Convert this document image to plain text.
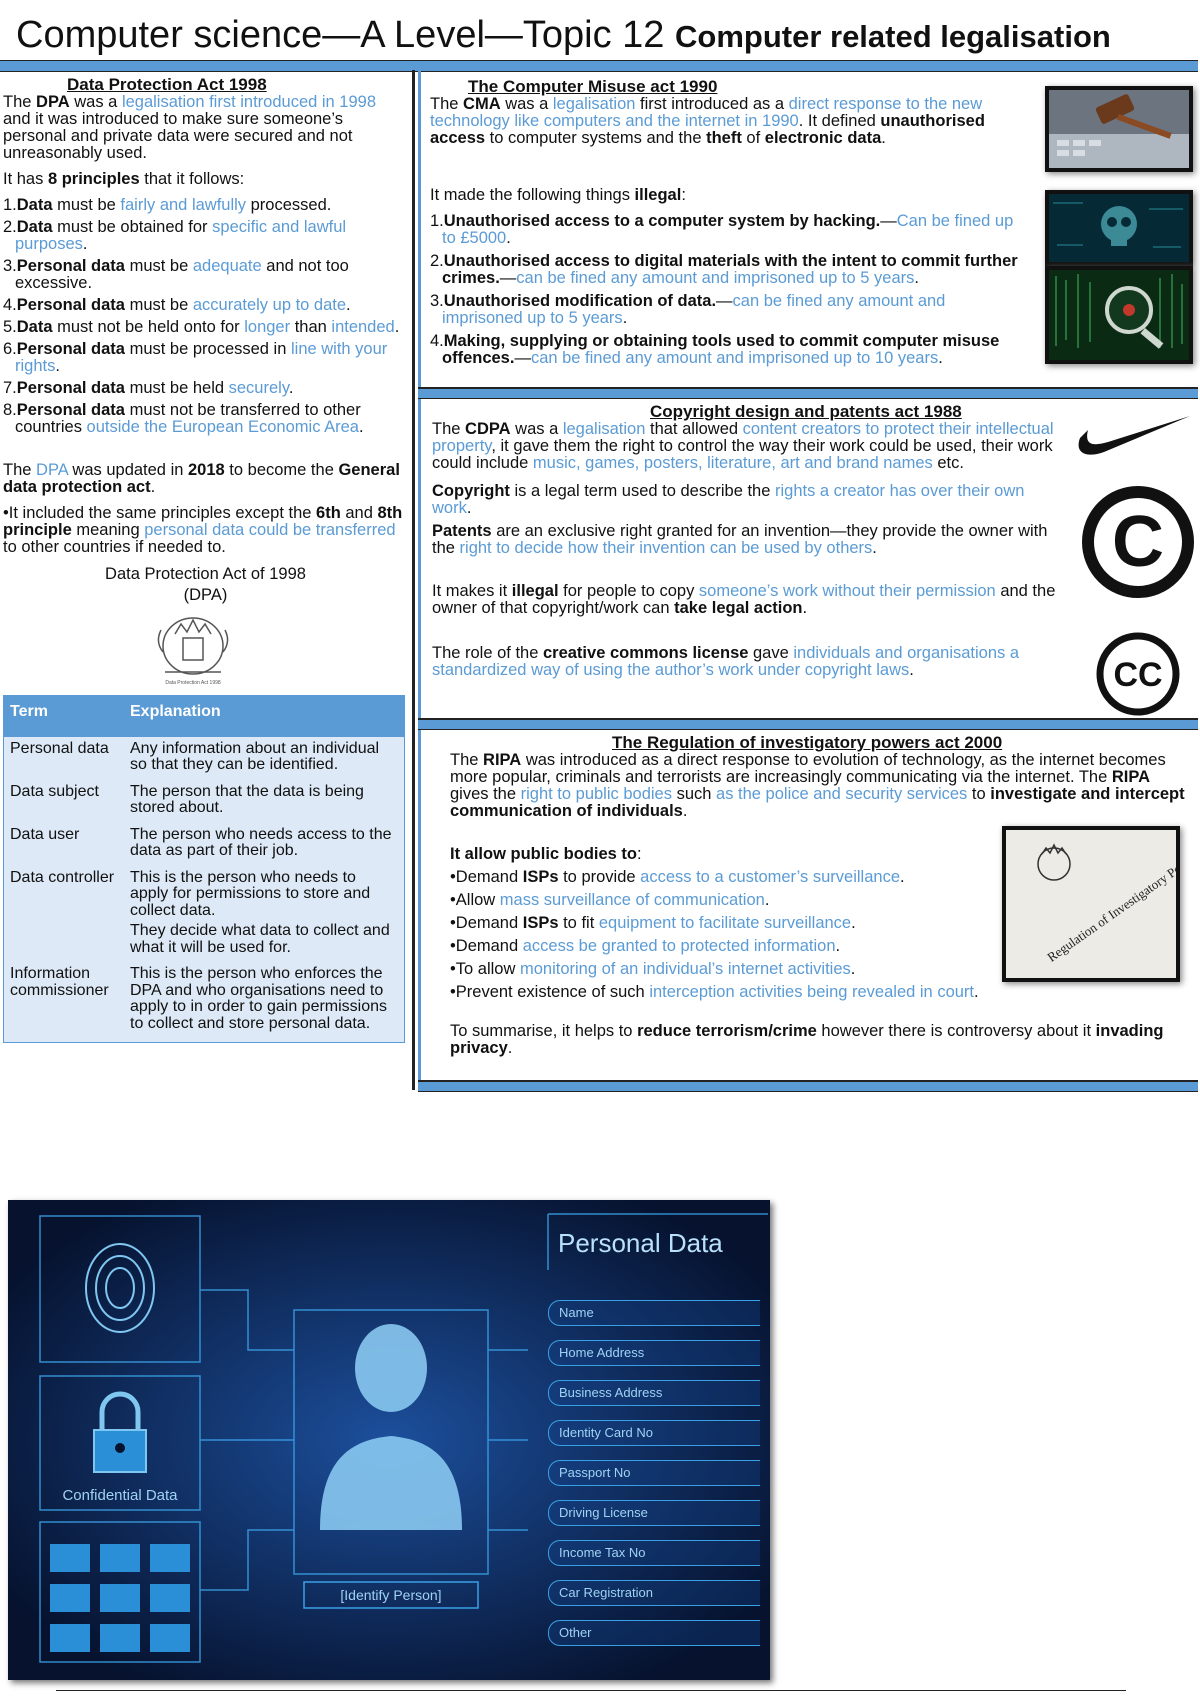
Computer science—A Level—Topic 12 Computer related legalisation
Data Protection Act 1998

The DPA was a legalisation first introduced in 1998 and it was introduced to make sure someone’s personal and private data were secured and not unreasonably used.

It has 8 principles that it follows:

1.Data must be fairly and lawfully processed.
2.Data must be obtained for specific and lawful purposes.
3.Personal data must be adequate and not too excessive.
4.Personal data must be accurately up to date.
5.Data must not be held onto for longer than intended.
6.Personal data must be processed in line with your rights.
7.Personal data must be held securely.
8.Personal data must not be transferred to other countries outside the European Economic Area.

The DPA was updated in 2018 to become the General data protection act.

•It included the same principles except the 6th and 8th principle meaning personal data could be transferred to other countries if needed to.

Data Protection Act of 1998
(DPA)
Data Protection Act 1998
Term	Explanation
Personal data	Any information about an individual so that they can be identified.
Data subject	The person that the data is being stored about.
Data user	The person who needs access to the data as part of their job.
Data controller	This is the person who needs to apply for permissions to store and collect data.
They decide what data to collect and what it will be used for.

Information commissioner	This is the person who enforces the DPA and who organisations need to apply to in order to gain permissions to collect and store personal data.
The Computer Misuse act 1990

The CMA was a legalisation first introduced as a direct response to the new technology like computers and the internet in 1990. It defined unauthorised access to computer systems and the theft of electronic data.

It made the following things illegal:

1.Unauthorised access to a computer system by hacking.—Can be fined up to £5000.
2.Unauthorised access to digital materials with the intent to commit further crimes.—can be fined any amount and imprisoned up to 5 years.
3.Unauthorised modification of data.—can be fined any amount and imprisoned up to 5 years.
4.Making, supplying or obtaining tools used to commit computer misuse offences.—can be fined any amount and imprisoned up to 10 years.
Copyright design and patents act 1988

The CDPA was a legalisation that allowed content creators to protect their intellectual property, it gave them the right to control the way their work could be used, their work could include music, games, posters, literature, art and brand names etc.

Copyright is a legal term used to describe the rights a creator has over their own work.

Patents are an exclusive right granted for an invention—they provide the owner with the right to decide how their invention can be used by others.

It makes it illegal for people to copy someone’s work without their permission and the owner of that copyright/work can take legal action.

The role of the creative commons license gave individuals and organisations a standardized way of using the author’s work under copyright laws.

C
CC
The Regulation of investigatory powers act 2000

The RIPA was introduced as a direct response to evolution of technology, as the internet becomes more popular, criminals and terrorists are increasingly communicating via the internet. The RIPA gives the right to public bodies such as the police and security services to investigate and intercept communication of individuals.

It allow public bodies to:

•Demand ISPs to provide access to a customer’s surveillance.
•Allow mass surveillance of communication.
•Demand ISPs to fit equipment to facilitate surveillance.
•Demand access be granted to protected information.
•To allow monitoring of an individual’s internet activities.
•Prevent existence of such interception activities being revealed in court.

To summarise, it helps to reduce terrorism/crime however there is controversy about it invading privacy.

Confidential Data
[Identify Person]
Personal Data
Name
Home Address
Business Address
Identity Card No
Passport No
Driving License
Income Tax No
Car Registration
Other
